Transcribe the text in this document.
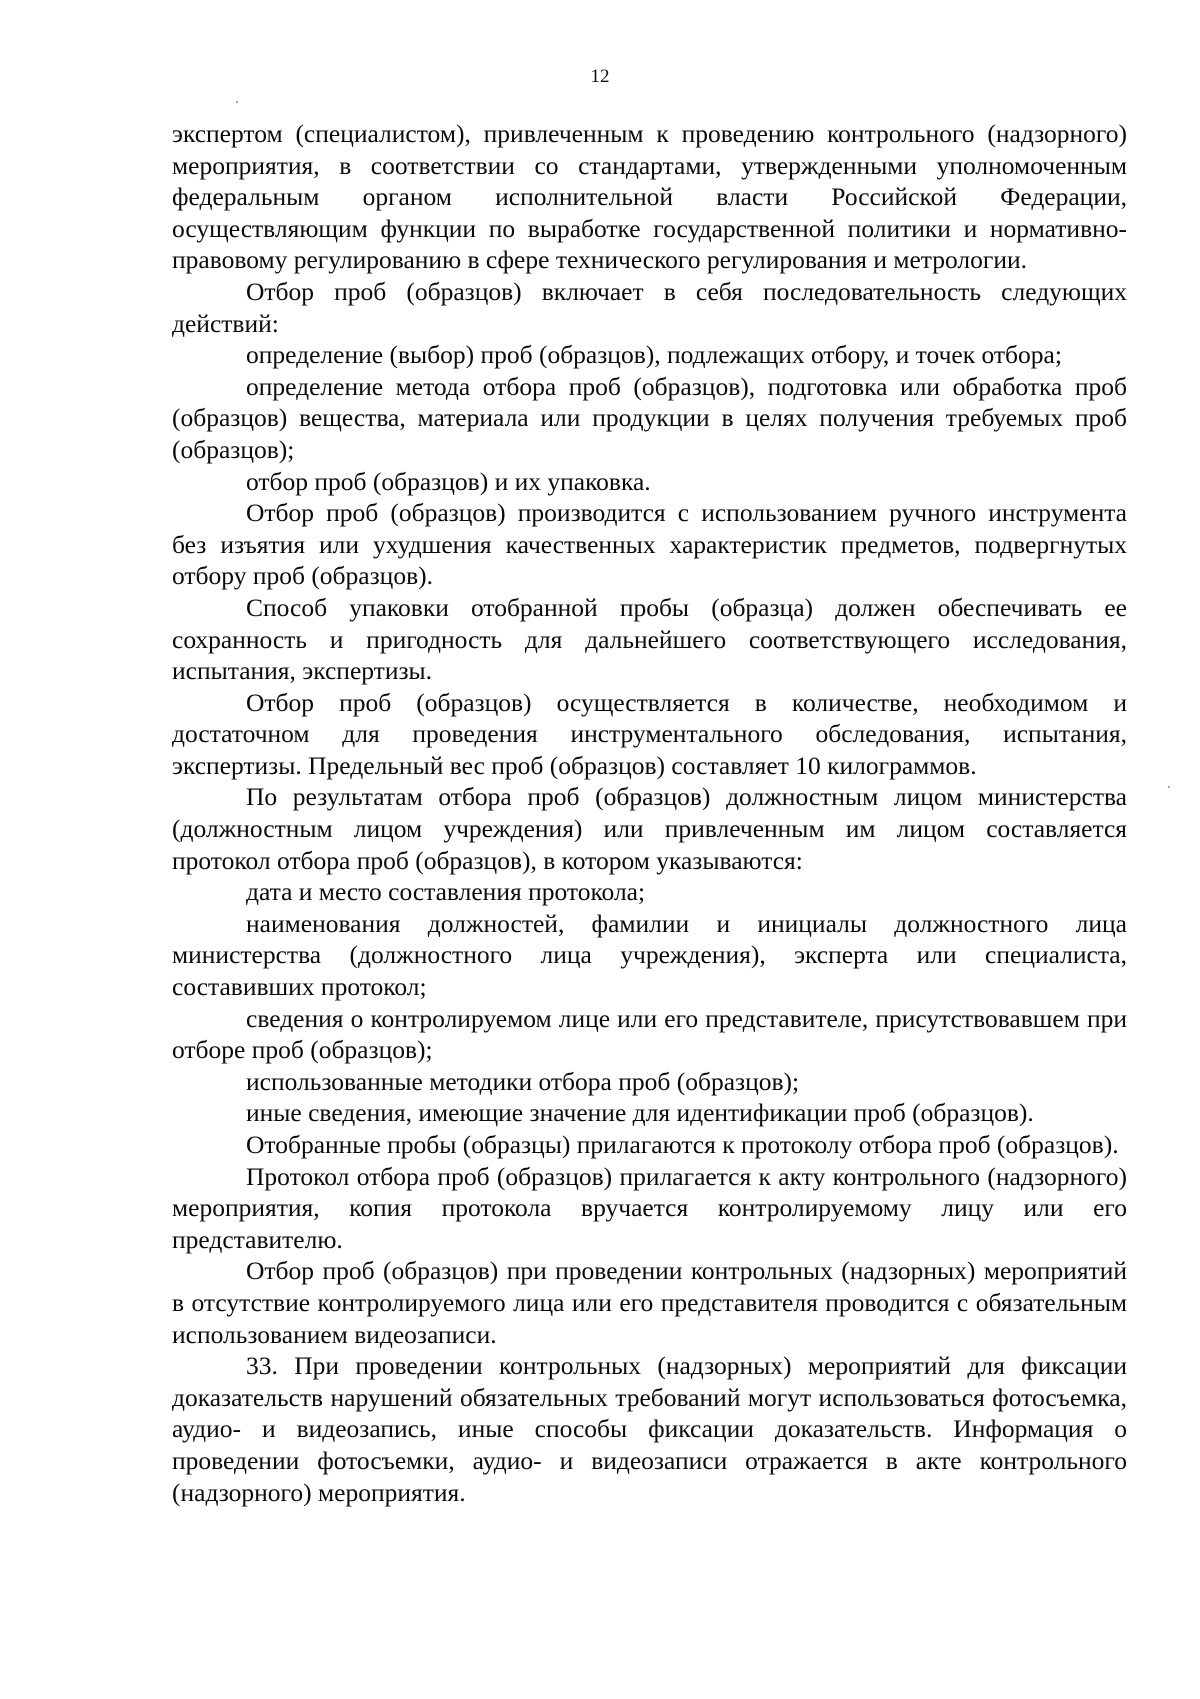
12

экспертом (специалистом), привлеченным к проведению контрольного (надзорного) мероприятия, в соответствии со стандартами, утвержденными уполномоченным федеральным органом исполнительной власти Российской Федерации, осуществляющим функции по выработке государственной политики и нормативно-правовому регулированию в сфере технического регулирования и метрологии.

Отбор проб (образцов) включает в себя последовательность следующих действий:

определение (выбор) проб (образцов), подлежащих отбору, и точек отбора;

определение метода отбора проб (образцов), подготовка или обработка проб (образцов) вещества, материала или продукции в целях получения требуемых проб (образцов);

отбор проб (образцов) и их упаковка.

Отбор проб (образцов) производится с использованием ручного инструмента без изъятия или ухудшения качественных характеристик предметов, подвергнутых отбору проб (образцов).

Способ упаковки отобранной пробы (образца) должен обеспечивать ее сохранность и пригодность для дальнейшего соответствующего исследования, испытания, экспертизы.

Отбор проб (образцов) осуществляется в количестве, необходимом и достаточном для проведения инструментального обследования, испытания, экспертизы. Предельный вес проб (образцов) составляет 10 килограммов.

По результатам отбора проб (образцов) должностным лицом министерства (должностным лицом учреждения) или привлеченным им лицом составляется протокол отбора проб (образцов), в котором указываются:

дата и место составления протокола;

наименования должностей, фамилии и инициалы должностного лица министерства (должностного лица учреждения), эксперта или специалиста, составивших протокол;

сведения о контролируемом лице или его представителе, присутствовавшем при отборе проб (образцов);

использованные методики отбора проб (образцов);

иные сведения, имеющие значение для идентификации проб (образцов).

Отобранные пробы (образцы) прилагаются к протоколу отбора проб (образцов).

Протокол отбора проб (образцов) прилагается к акту контрольного (надзорного) мероприятия, копия протокола вручается контролируемому лицу или его представителю.

Отбор проб (образцов) при проведении контрольных (надзорных) мероприятий в отсутствие контролируемого лица или его представителя проводится с обязательным использованием видеозаписи.

33. При проведении контрольных (надзорных) мероприятий для фиксации доказательств нарушений обязательных требований могут использоваться фотосъемка, аудио- и видеозапись, иные способы фиксации доказательств. Информация о проведении фотосъемки, аудио- и видеозаписи отражается в акте контрольного (надзорного) мероприятия.
